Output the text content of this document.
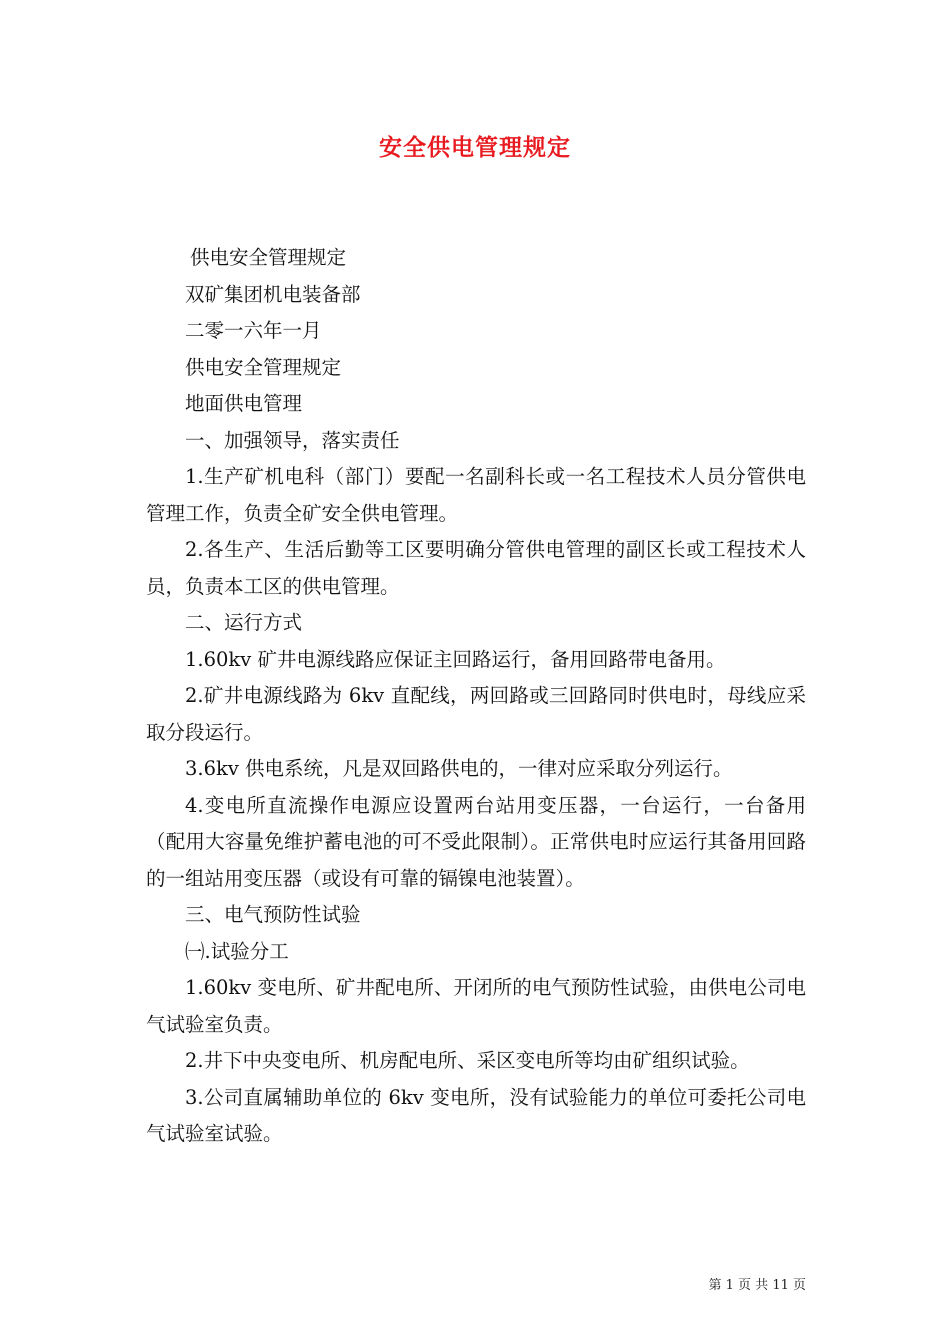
安全供电管理规定

供电安全管理规定

双矿集团机电装备部

二零一六年一月

供电安全管理规定

地面供电管理

一、加强领导，落实责任

1.生产矿机电科（部门）要配一名副科长或一名工程技术人员分管供电管理工作，负责全矿安全供电管理。

2.各生产、生活后勤等工区要明确分管供电管理的副区长或工程技术人员，负责本工区的供电管理。

二、运行方式

1.60kv 矿井电源线路应保证主回路运行，备用回路带电备用。

2.矿井电源线路为 6kv 直配线，两回路或三回路同时供电时，母线应采取分段运行。

3.6kv 供电系统，凡是双回路供电的，一律对应采取分列运行。

4.变电所直流操作电源应设置两台站用变压器，一台运行，一台备用（配用大容量免维护蓄电池的可不受此限制）。正常供电时应运行其备用回路的一组站用变压器（或设有可靠的镉镍电池装置）。

三、电气预防性试验

㈠.试验分工

1.60kv 变电所、矿井配电所、开闭所的电气预防性试验，由供电公司电气试验室负责。

2.井下中央变电所、机房配电所、采区变电所等均由矿组织试验。

3.公司直属辅助单位的 6kv 变电所，没有试验能力的单位可委托公司电气试验室试验。

第 1 页 共 11 页
